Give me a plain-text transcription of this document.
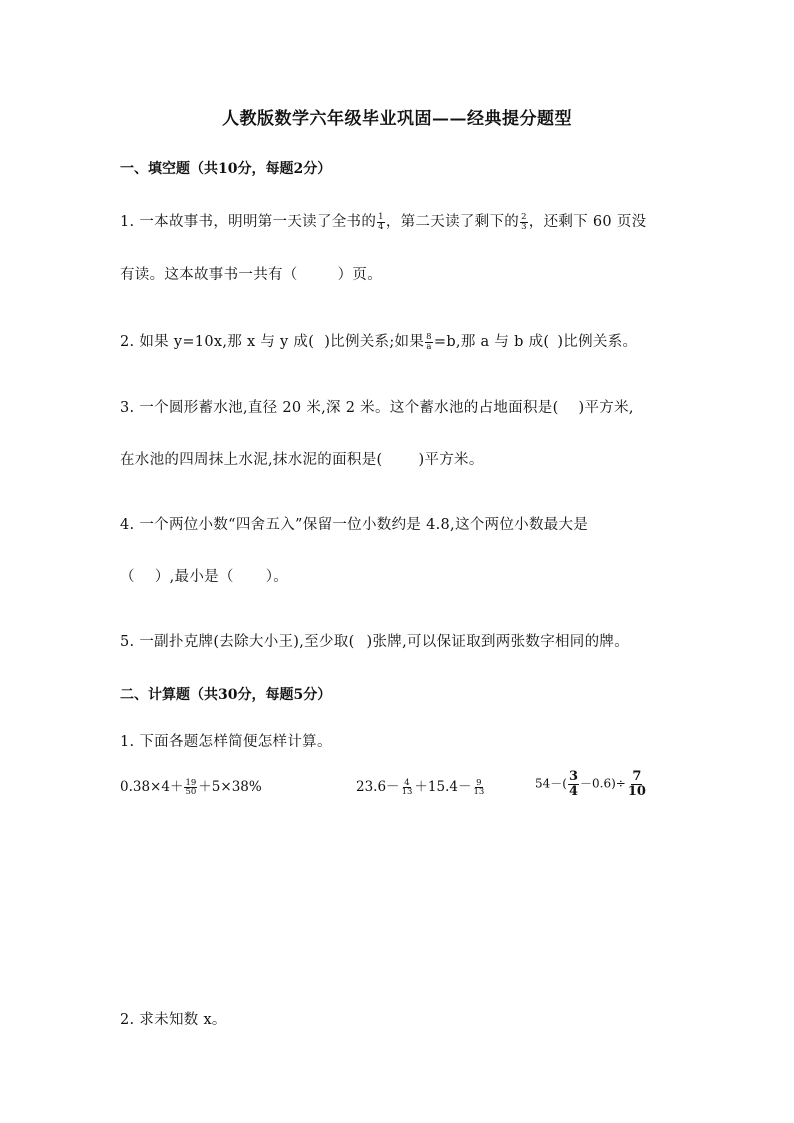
人教版数学六年级毕业巩固——经典提分题型
一、填空题（共10分，每题2分）
1. 一本故事书，明明第一天读了全书的 $\frac{1}{4}$ ，第二天读了剩下的 $\frac{2}{3}$ ，还剩下 60 页没
有读。这本故事书一共有（	）页。
2. 如果 y=10x,那 x 与 y 成( )比例关系;如果 $\frac{8}{a} =b$,那 a 与 b 成( )比例关系。
3. 一个圆形蓄水池,直径 20 米,深 2 米。这个蓄水池的占地面积是( )平方米,
在水池的四周抹上水泥,抹水泥的面积是( )平方米。
4. 一个两位小数“四舍五入”保留一位小数约是 4.8,这个两位小数最大是
（ ）,最小是（ ）。
5. 一副扑克牌(去除大小王),至少取( )张牌,可以保证取到两张数字相同的牌。
二、计算题（共30分，每题5分）
1. 下面各题怎样简便怎样计算。
$0.38\times 4+ \frac{19}{50} +5\times 38\%$	$23.6- \frac{4}{13} +15.4- \frac{9}{13}$	$54-( \frac{3}{4} -0.6)\div \frac{7}{10}$
2. 求未知数 x。
